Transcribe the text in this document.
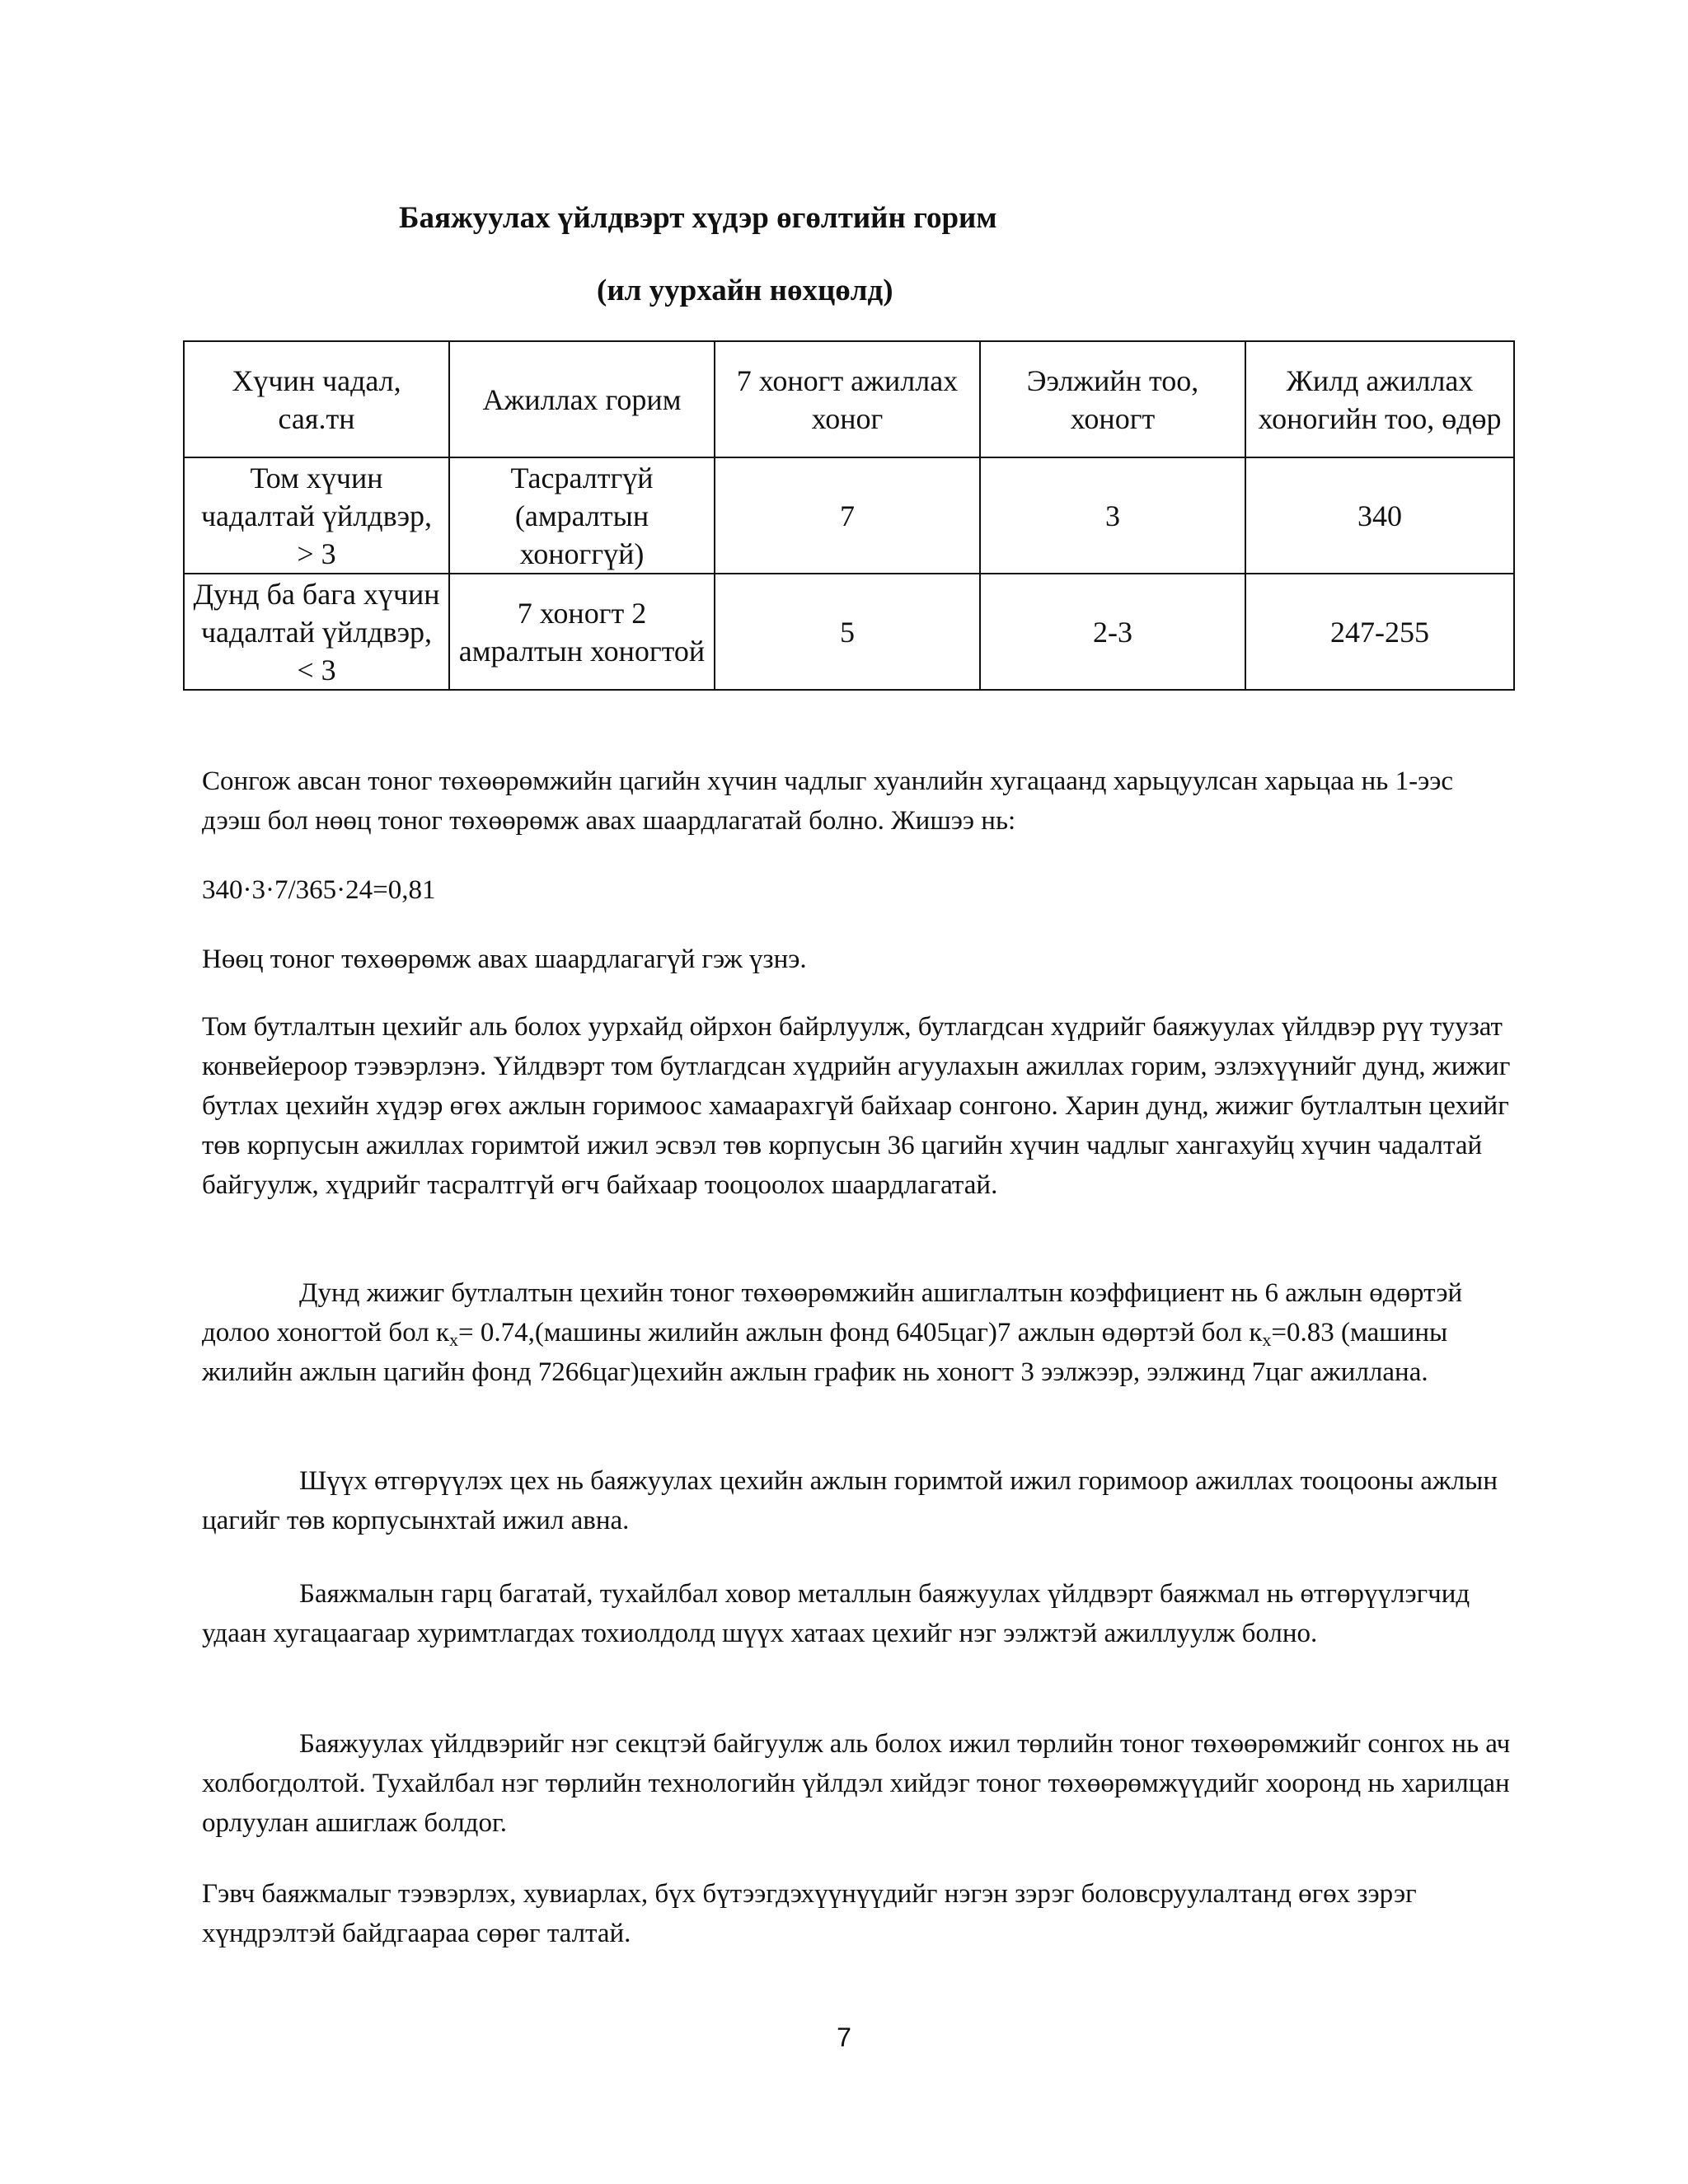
Баяжуулах үйлдвэрт хүдэр өгөлтийн горим
(ил уурхайн нөхцөлд)
Хүчин чадал, сая.тн	Ажиллах горим	7 хоногт ажиллах хоног	Ээлжийн тоо, хоногт	Жилд ажиллах хоногийн тоо, өдөр
Том хүчин чадалтай үйлдвэр, > 3	Тасралтгүй (амралтын хоноггүй)	7	3	340
Дунд ба бага хүчин чадалтай үйлдвэр, < 3	7 хоногт 2 амралтын хоногтой	5	2-3	247-255

Сонгож авсан тоног төхөөрөмжийн цагийн хүчин чадлыг хуанлийн хугацаанд харьцуулсан харьцаа нь 1-ээс дээш бол нөөц тоног төхөөрөмж авах шаардлагатай болно. Жишээ нь:

340·3·7/365·24=0,81

Нөөц тоног төхөөрөмж авах шаардлагагүй гэж үзнэ.

Том бутлалтын цехийг аль болох уурхайд ойрхон байрлуулж, бутлагдсан хүдрийг баяжуулах үйлдвэр рүү туузат конвейероор тээвэрлэнэ. Үйлдвэрт том бутлагдсан хүдрийн агуулахын ажиллах горим, эзлэхүүнийг дунд, жижиг бутлах цехийн хүдэр өгөх ажлын горимоос хамаарахгүй байхаар сонгоно. Харин дунд, жижиг бутлалтын цехийг төв корпусын ажиллах горимтой ижил эсвэл төв корпусын 36 цагийн хүчин чадлыг хангахуйц хүчин чадалтай байгуулж, хүдрийг тасралтгүй өгч байхаар тооцоолох шаардлагатай.

Дунд жижиг бутлалтын цехийн тоног төхөөрөмжийн ашиглалтын коэффициент нь 6 ажлын өдөртэй долоо хоногтой бол $к_х=$ 0.74,(машины жилийн ажлын фонд 6405цаг)7 ажлын өдөртэй бол $к_х=0.83$ (машины жилийн ажлын цагийн фонд 7266цаг)цехийн ажлын график нь хоногт 3 ээлжээр, ээлжинд 7цаг ажиллана.

Шүүх өтгөрүүлэх цех нь баяжуулах цехийн ажлын горимтой ижил горимоор ажиллах тооцооны ажлын цагийг төв корпусынхтай ижил авна.

Баяжмалын гарц багатай, тухайлбал ховор металлын баяжуулах үйлдвэрт баяжмал нь өтгөрүүлэгчид удаан хугацаагаар хуримтлагдах тохиолдолд шүүх хатаах цехийг нэг ээлжтэй ажиллуулж болно.

Баяжуулах үйлдвэрийг нэг секцтэй байгуулж аль болох ижил төрлийн тоног төхөөрөмжийг сонгох нь ач холбогдолтой. Тухайлбал нэг төрлийн технологийн үйлдэл хийдэг тоног төхөөрөмжүүдийг хооронд нь харилцан орлуулан ашиглаж болдог.

Гэвч баяжмалыг тээвэрлэх, хувиарлах, бүх бүтээгдэхүүнүүдийг нэгэн зэрэг боловсруулалтанд өгөх зэрэг хүндрэлтэй байдгаараа сөрөг талтай.

7
